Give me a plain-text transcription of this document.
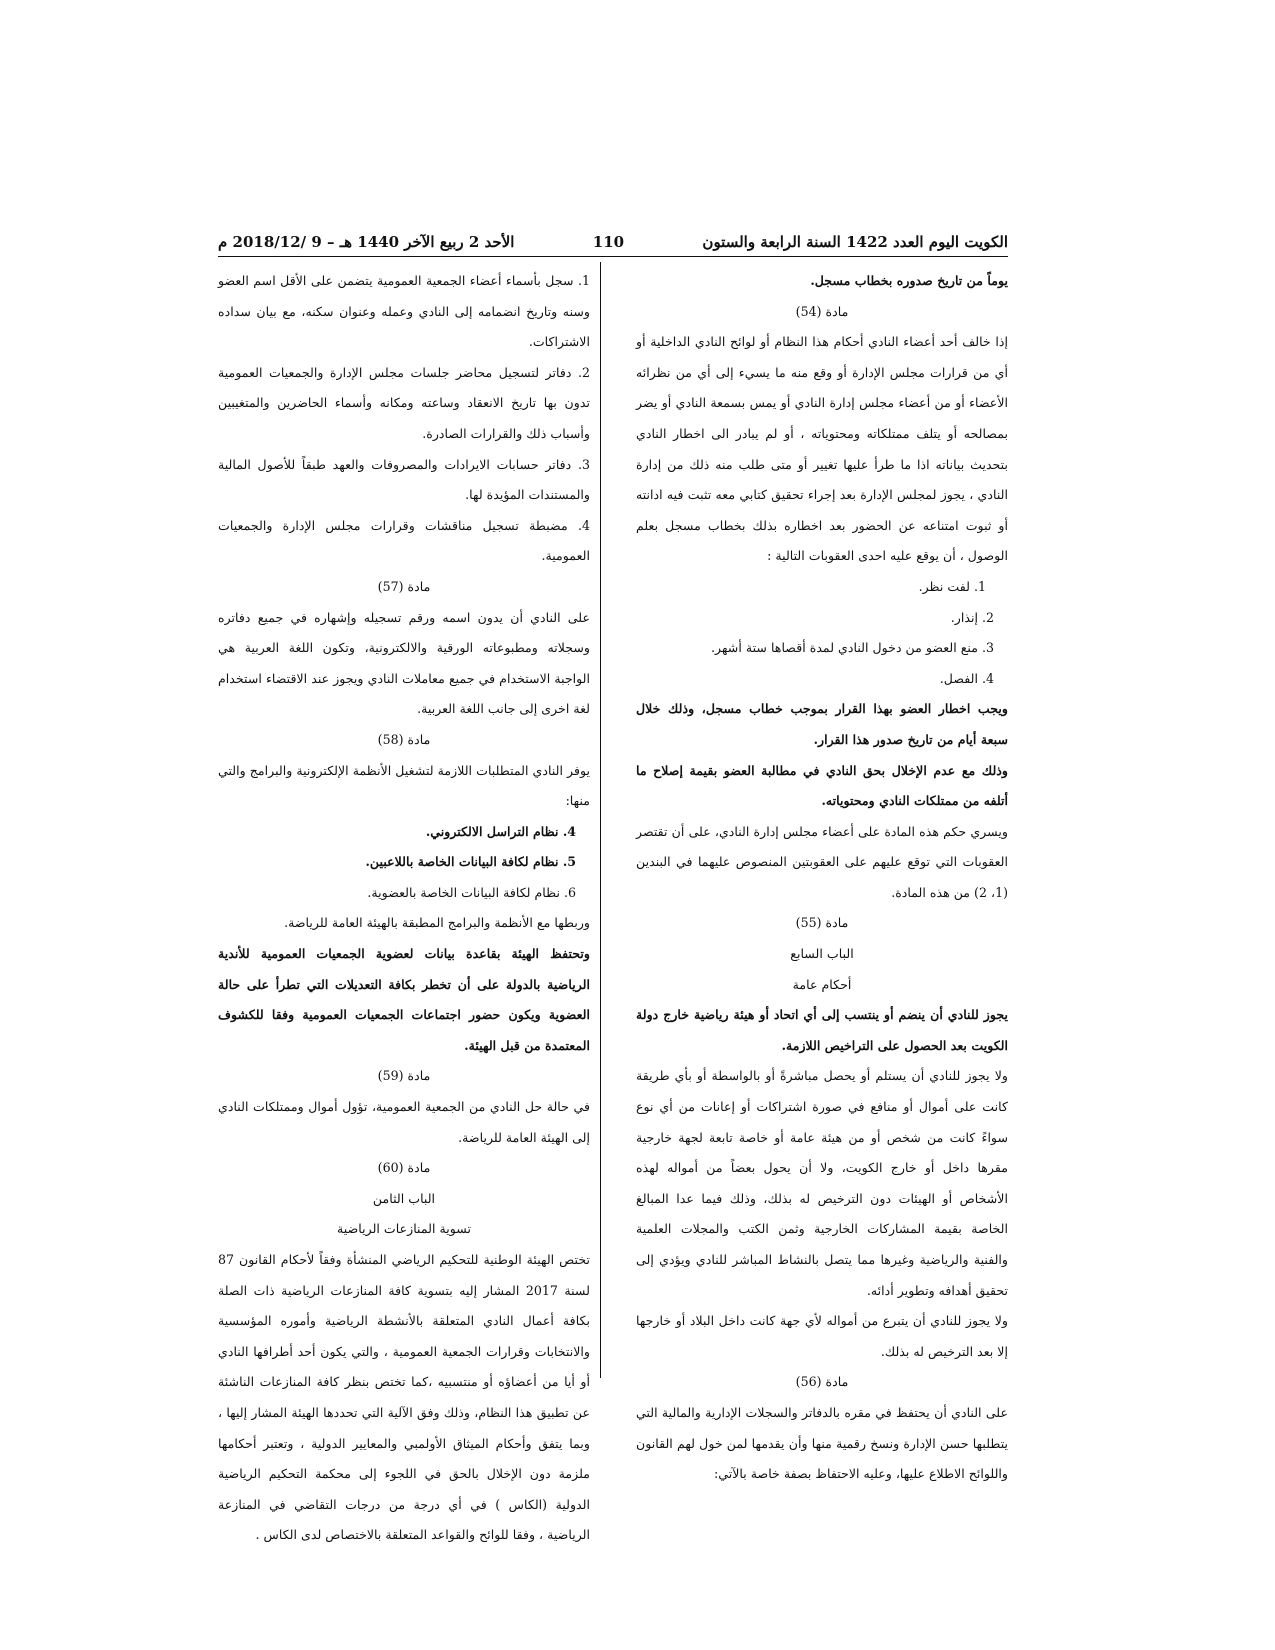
الكويت اليوم العدد 1422 السنة الرابعة والستون
110
الأحد 2 ربيع الآخر 1440 هـ – 9 /2018/12 م

يوماً من تاريخ صدوره بخطاب مسجل.

مادة (54)

إذا خالف أحد أعضاء النادي أحكام هذا النظام أو لوائح النادي الداخلية أو أي من قرارات مجلس الإدارة أو وقع منه ما يسيء إلى أي من نظرائه الأعضاء أو من أعضاء مجلس إدارة النادي أو يمس بسمعة النادي أو يضر بمصالحه أو يتلف ممتلكاته ومحتوياته ، أو لم يبادر الى اخطار النادي بتحديث بياناته اذا ما طرأ عليها تغيير أو متى طلب منه ذلك من إدارة النادي ، يجوز لمجلس الإدارة بعد إجراء تحقيق كتابي معه تثبت فيه ادانته أو ثبوت امتناعه عن الحضور بعد اخطاره بذلك بخطاب مسجل بعلم الوصول ، أن يوقع عليه احدى العقوبات التالية :

1. لفت نظر.

2. إنذار.

3. منع العضو من دخول النادي لمدة أقصاها ستة أشهر.

4. الفصل.

ويجب اخطار العضو بهذا القرار بموجب خطاب مسجل، وذلك خلال سبعة أيام من تاريخ صدور هذا القرار.

وذلك مع عدم الإخلال بحق النادي في مطالبة العضو بقيمة إصلاح ما أتلفه من ممتلكات النادي ومحتوياته.

ويسري حكم هذه المادة على أعضاء مجلس إدارة النادي، على أن تقتصر العقوبات التي توقع عليهم على العقوبتين المنصوص عليهما في البندين (1، 2) من هذه المادة.

مادة (55)

الباب السابع

أحكام عامة

يجوز للنادي أن ينضم أو ينتسب إلى أي اتحاد أو هيئة رياضية خارج دولة الكويت بعد الحصول على التراخيص اللازمة.

ولا يجوز للنادي أن يستلم أو يحصل مباشرةً أو بالواسطة أو بأي طريقة كانت على أموال أو منافع في صورة اشتراكات أو إعانات من أي نوع سواءً كانت من شخص أو من هيئة عامة أو خاصة تابعة لجهة خارجية مقرها داخل أو خارج الكويت، ولا أن يحول بعضاً من أمواله لهذه الأشخاص أو الهيئات دون الترخيص له بذلك، وذلك فيما عدا المبالغ الخاصة بقيمة المشاركات الخارجية وثمن الكتب والمجلات العلمية والفنية والرياضية وغيرها مما يتصل بالنشاط المباشر للنادي ويؤدي إلى تحقيق أهدافه وتطوير أدائه.

ولا يجوز للنادي أن يتبرع من أمواله لأي جهة كانت داخل البلاد أو خارجها إلا بعد الترخيص له بذلك.

مادة (56)

على النادي أن يحتفظ في مقره بالدفاتر والسجلات الإدارية والمالية التي يتطلبها حسن الإدارة ونسخ رقمية منها وأن يقدمها لمن خول لهم القانون واللوائح الاطلاع عليها، وعليه الاحتفاظ بصفة خاصة بالآتي:

1. سجل بأسماء أعضاء الجمعية العمومية يتضمن على الأقل اسم العضو وسنه وتاريخ انضمامه إلى النادي وعمله وعنوان سكنه، مع بيان سداده الاشتراكات.

2. دفاتر لتسجيل محاضر جلسات مجلس الإدارة والجمعيات العمومية تدون بها تاريخ الانعقاد وساعته ومكانه وأسماء الحاضرين والمتغيبين وأسباب ذلك والقرارات الصادرة.

3. دفاتر حسابات الايرادات والمصروفات والعهد طبقاً للأصول المالية والمستندات المؤيدة لها.

4. مضبطة تسجيل مناقشات وقرارات مجلس الإدارة والجمعيات العمومية.

مادة (57)

على النادي أن يدون اسمه ورقم تسجيله وإشهاره في جميع دفاتره وسجلاته ومطبوعاته الورقية والالكترونية، وتكون اللغة العربية هي الواجبة الاستخدام في جميع معاملات النادي ويجوز عند الاقتضاء استخدام لغة اخرى إلى جانب اللغة العربية.

مادة (58)

يوفر النادي المتطلبات اللازمة لتشغيل الأنظمة الإلكترونية والبرامج والتي منها:

4. نظام التراسل الالكتروني.

5. نظام لكافة البيانات الخاصة باللاعبين.

6. نظام لكافة البيانات الخاصة بالعضوية.

وربطها مع الأنظمة والبرامج المطبقة بالهيئة العامة للرياضة.

وتحتفظ الهيئة بقاعدة بيانات لعضوية الجمعيات العمومية للأندية الرياضية بالدولة على أن تخطر بكافة التعديلات التي تطرأ على حالة العضوية ويكون حضور اجتماعات الجمعيات العمومية وفقا للكشوف المعتمدة من قبل الهيئة.

مادة (59)

في حالة حل النادي من الجمعية العمومية، تؤول أموال وممتلكات النادي إلى الهيئة العامة للرياضة.

مادة (60)

الباب الثامن

تسوية المنازعات الرياضية

تختص الهيئة الوطنية للتحكيم الرياضي المنشأة وفقاً لأحكام القانون 87 لسنة 2017 المشار إليه بتسوية كافة المنازعات الرياضية ذات الصلة بكافة أعمال النادي المتعلقة بالأنشطة الرياضية وأموره المؤسسية والانتخابات وقرارات الجمعية العمومية ، والتي يكون أحد أطرافها النادي أو أيا من أعضاؤه أو منتسبيه ،كما تختص بنظر كافة المنازعات الناشئة عن تطبيق هذا النظام، وذلك وفق الآلية التي تحددها الهيئة المشار إليها ، وبما يتفق وأحكام الميثاق الأولمبي والمعايير الدولية ، وتعتبر أحكامها ملزمة دون الإخلال بالحق في اللجوء إلى محكمة التحكيم الرياضية الدولية (الكاس ) في أي درجة من درجات التقاضي في المنازعة الرياضية ، وفقا للوائح والقواعد المتعلقة بالاختصاص لدى الكاس .
